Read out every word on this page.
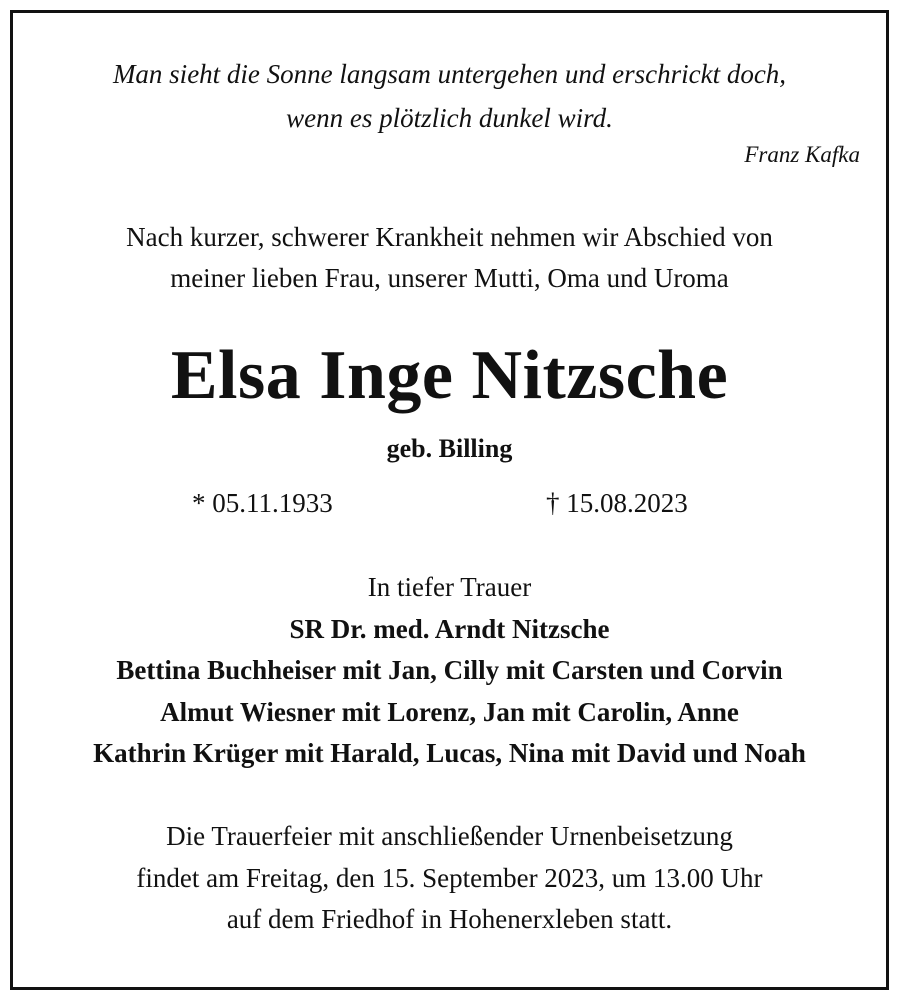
Man sieht die Sonne langsam untergehen und erschrickt doch,
wenn es plötzlich dunkel wird.
Franz Kafka
Nach kurzer, schwerer Krankheit nehmen wir Abschied von
meiner lieben Frau, unserer Mutti, Oma und Uroma
Elsa Inge Nitzsche
geb. Billing
* 05.11.1933	† 15.08.2023
In tiefer Trauer
SR Dr. med. Arndt Nitzsche
Bettina Buchheiser mit Jan, Cilly mit Carsten und Corvin
Almut Wiesner mit Lorenz, Jan mit Carolin, Anne
Kathrin Krüger mit Harald, Lucas, Nina mit David und Noah
Die Trauerfeier mit anschließender Urnenbeisetzung
findet am Freitag, den 15. September 2023, um 13.00 Uhr
auf dem Friedhof in Hohenerxleben statt.
